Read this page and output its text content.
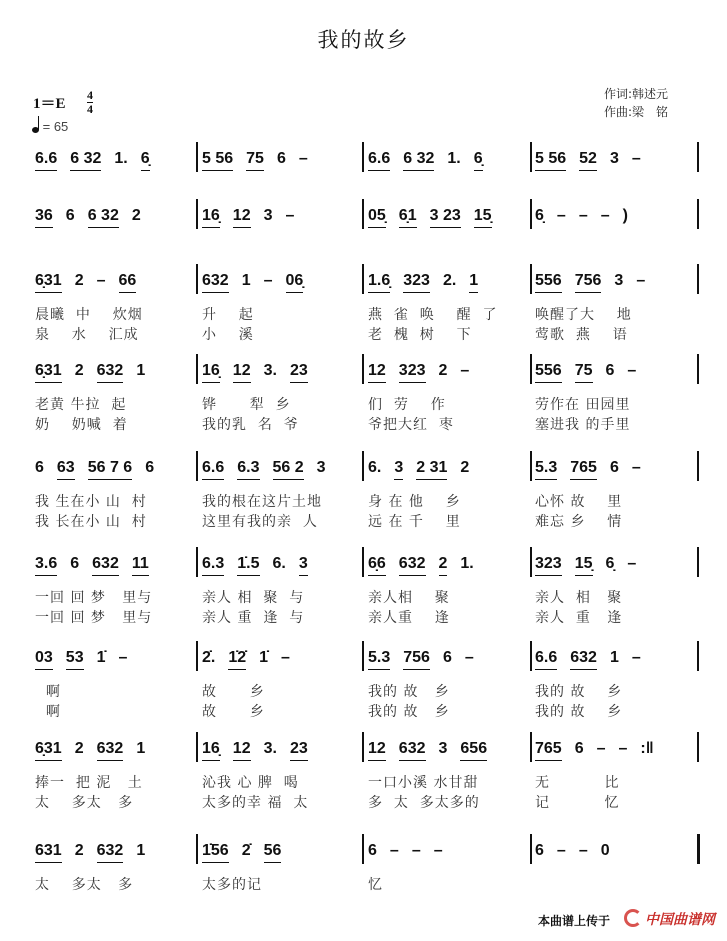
我的故乡
作词:韩述元
作曲:梁　铭
1＝E
4
4
= 65
6.6 6 32 1. 6̣	5 56 75 6 –	6.6 6 32 1. 6̣	5 56 52 3 –
36 6 6 32 2	16̣ 12 3 –	05̣ 6̣1 3 23 15̣	6̣ – – – )
6̣31 2 – 66	632 1 – 06̣	1.6̣ 323 2. 1	556 756 3 –
晨曦  中    炊烟	升    起	燕  雀  唤    醒  了	唤醒了大    地
泉    水    汇成	小    溪	老  槐  树    下	莺歌  燕    语
6̣31 2 632 1	16̣ 12 3. 23	12 323 2 –	556 75 6 –
老黄 牛拉  起	铧      犁  乡	们  劳    作	劳作在 田园里
奶    奶喊  着	我的乳  名  爷	爷把大红  枣	塞进我 的手里
6 63 56 7 6 6	6.6 6.3 56 2 3	6. 3 2 31 2	5.3 765 6 –
我 生在小 山  村	我的根在这片土地	身 在 他    乡	心怀 故    里
我 长在小 山  村	这里有我的亲  人	远 在 千    里	难忘 乡    情
3.6 6 632 11	6.3 1̇.5 6. 3	6̣6 632 2 1.	323 15̣ 6̣ –
一回 回 梦   里与	亲人 相  聚  与	亲人相    聚	亲人  相   聚
一回 回 梦   里与	亲人 重  逢  与	亲人重    逢	亲人  重   逢
03 53 1̇ –	2̇. 1̇2̇ 1̇ –	5.3 756 6 –	6.6 632 1 –
啊	故      乡	我的 故   乡	我的 故    乡
啊	故      乡	我的 故   乡	我的 故    乡
6̣31 2 632 1	16̣ 12 3. 23	12 632 3 656	765 6 – – :‖
捧一  把 泥   土	沁我 心 脾  喝	一口小溪 水甘甜	无          比
太    多太   多	太多的幸 福  太	多  太  多太多的	记          忆
631 2 632 1	1̇56 2̇ 56	6 – – –	6 – – 0
太    多太   多	太多的记	忆
本曲谱上传于	中国曲谱网
